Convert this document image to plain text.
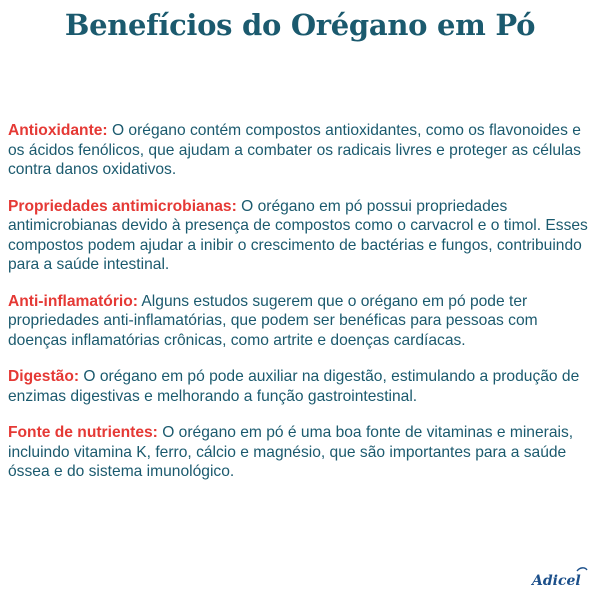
Benefícios do Orégano em Pó

Antioxidante: O orégano contém compostos antioxidantes, como os flavonoides e os ácidos fenólicos, que ajudam a combater os radicais livres e proteger as células contra danos oxidativos.

Propriedades antimicrobianas: O orégano em pó possui propriedades antimicrobianas devido à presença de compostos como o carvacrol e o timol. Esses compostos podem ajudar a inibir o crescimento de bactérias e fungos, contribuindo para a saúde intestinal.

Anti-inflamatório: Alguns estudos sugerem que o orégano em pó pode ter propriedades anti-inflamatórias, que podem ser benéficas para pessoas com doenças inflamatórias crônicas, como artrite e doenças cardíacas.

Digestão: O orégano em pó pode auxiliar na digestão, estimulando a produção de enzimas digestivas e melhorando a função gastrointestinal.

Fonte de nutrientes: O orégano em pó é uma boa fonte de vitaminas e minerais, incluindo vitamina K, ferro, cálcio e magnésio, que são importantes para a saúde óssea e do sistema imunológico.

Adicel
